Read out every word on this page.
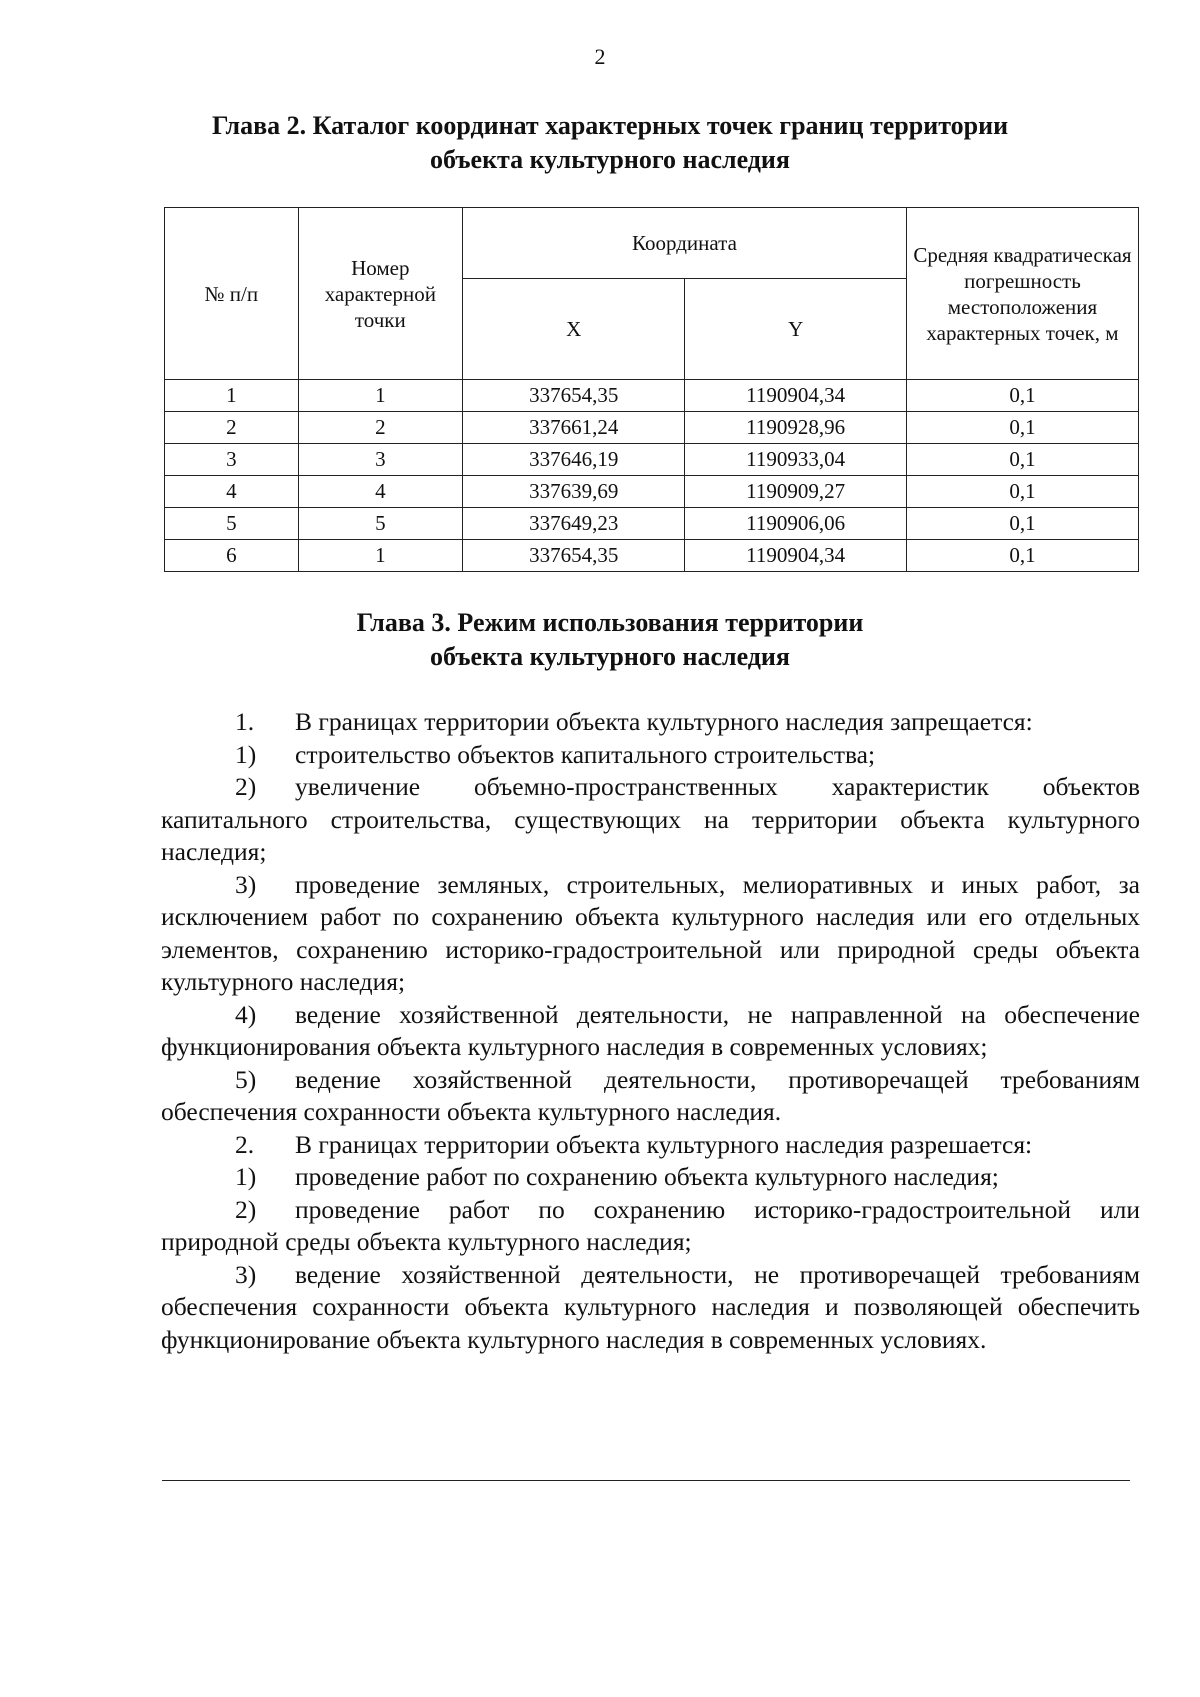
2
Глава 2. Каталог координат характерных точек границ территории
объекта культурного наследия
№ п/п	Номер характерной точки	Координата		Средняя квадратическая погрешность местоположения характерных точек, м
		X	Y	
1	1	337654,35	1190904,34	0,1
2	2	337661,24	1190928,96	0,1
3	3	337646,19	1190933,04	0,1
4	4	337639,69	1190909,27	0,1
5	5	337649,23	1190906,06	0,1
6	1	337654,35	1190904,34	0,1
Глава 3. Режим использования территории
объекта культурного наследия

1. В границах территории объекта культурного наследия запрещается:

1) строительство объектов капитального строительства;

2) увеличение объемно-пространственных характеристик объектов капитального строительства, существующих на территории объекта культурного наследия;

3) проведение земляных, строительных, мелиоративных и иных работ, за исключением работ по сохранению объекта культурного наследия или его отдельных элементов, сохранению историко-градостроительной или природной среды объекта культурного наследия;

4) ведение хозяйственной деятельности, не направленной на обеспечение функционирования объекта культурного наследия в современных условиях;

5) ведение хозяйственной деятельности, противоречащей требованиям обеспечения сохранности объекта культурного наследия.

2. В границах территории объекта культурного наследия разрешается:

1) проведение работ по сохранению объекта культурного наследия;

2) проведение работ по сохранению историко-градостроительной или природной среды объекта культурного наследия;

3) ведение хозяйственной деятельности, не противоречащей требованиям обеспечения сохранности объекта культурного наследия и позволяющей обеспечить функционирование объекта культурного наследия в современных условиях.
